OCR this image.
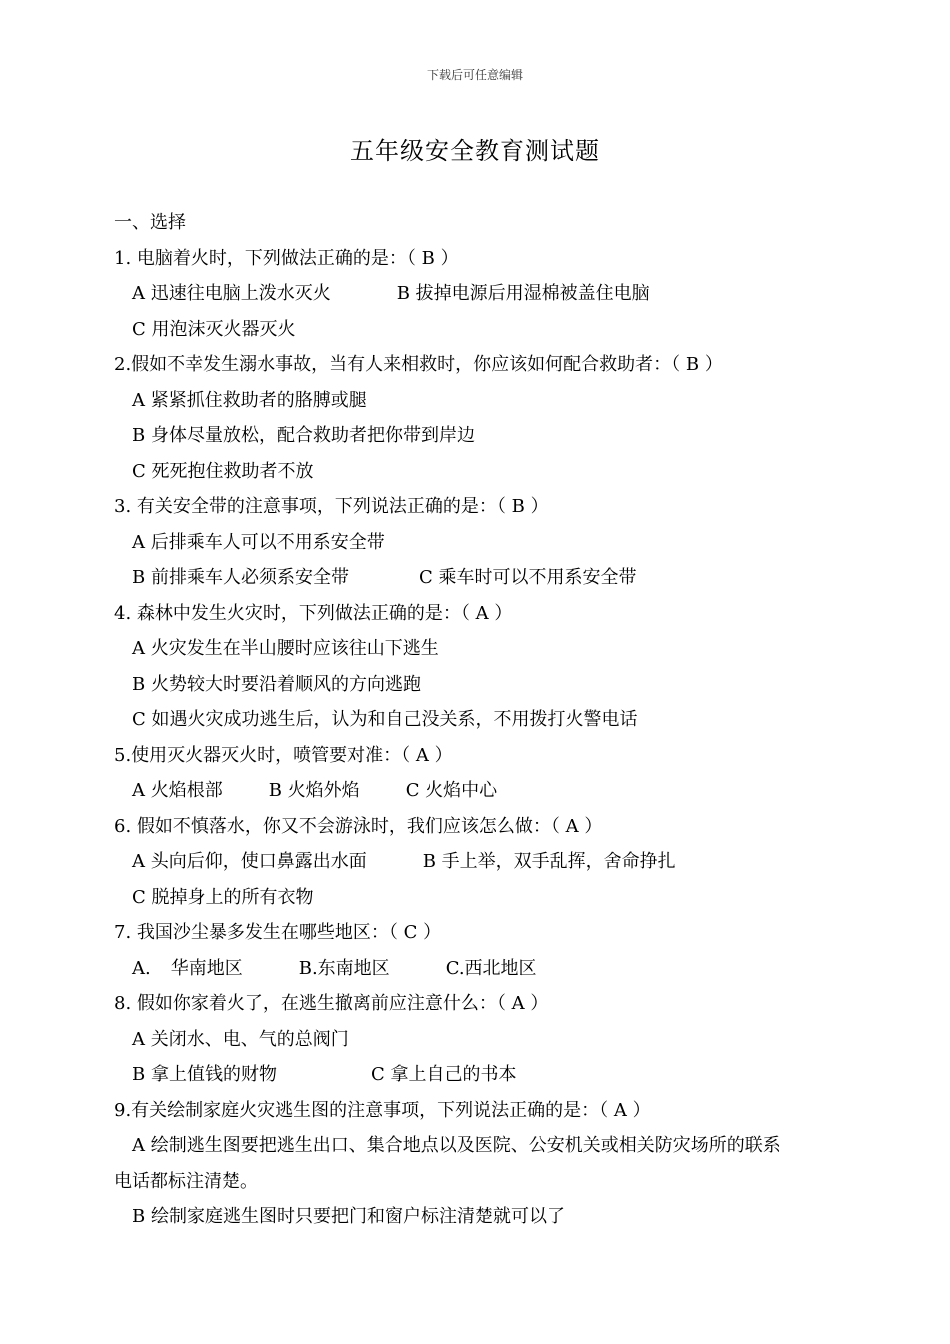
下载后可任意编辑
五年级安全教育测试题
一、选择
1. 电脑着火时，下列做法正确的是：（ B ）
A 迅速往电脑上泼水灭火	B 拔掉电源后用湿棉被盖住电脑
C 用泡沫灭火器灭火
2.假如不幸发生溺水事故，当有人来相救时，你应该如何配合救助者：（ B ）
A 紧紧抓住救助者的胳膊或腿
B 身体尽量放松，配合救助者把你带到岸边
C 死死抱住救助者不放
3. 有关安全带的注意事项，下列说法正确的是：（ B ）
A 后排乘车人可以不用系安全带
B 前排乘车人必须系安全带	C 乘车时可以不用系安全带
4. 森林中发生火灾时，下列做法正确的是：（ A ）
A 火灾发生在半山腰时应该往山下逃生
B 火势较大时要沿着顺风的方向逃跑
C 如遇火灾成功逃生后，认为和自己没关系，不用拨打火警电话
5.使用灭火器灭火时，喷管要对准：（ A ）
A 火焰根部	B 火焰外焰	C 火焰中心
6. 假如不慎落水，你又不会游泳时，我们应该怎么做：（ A ）
A 头向后仰，使口鼻露出水面	B 手上举，双手乱挥，舍命挣扎
C 脱掉身上的所有衣物
7. 我国沙尘暴多发生在哪些地区：（ C ）
A. 华南地区	B.东南地区	C.西北地区
8. 假如你家着火了，在逃生撤离前应注意什么：（ A ）
A 关闭水、电、气的总阀门
B 拿上值钱的财物	C 拿上自己的书本
9.有关绘制家庭火灾逃生图的注意事项，下列说法正确的是：（ A ）
A 绘制逃生图要把逃生出口、集合地点以及医院、公安机关或相关防灾场所的联系
电话都标注清楚。
B 绘制家庭逃生图时只要把门和窗户标注清楚就可以了
